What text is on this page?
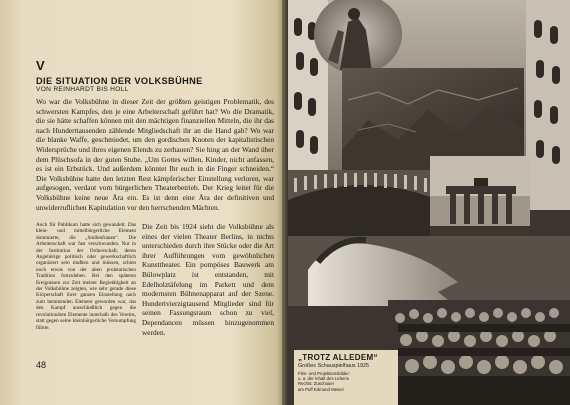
V
DIE SITUATION DER VOLKSBÜHNE
VON REINHARDT BIS HOLL
Wo war die Volksbühne in dieser Zeit der größten geistigen Problematik, des schwersten Kampfes, den je eine Arbeiterschaft geführt hat? Wo die Dramatik, die sie hätte schaffen können mit den mächtigen finanziellen Mitteln, die ihr das nach Hunderttausenden zählende Mitgliedschaft ihr an die Hand gab? Wo war die blanke Waffe, geschmiedet, um den gordischen Knoten der kapitalistischen Widersprüche und ihres eigenen Elends zu zerhauen? Sie hing an der Wand über dem Plüschsofa in der guten Stube. „Um Gottes willen, Kinder, nicht anfassen, es ist ein Erbstück. Und außerdem könntet Ihr euch in die Finger schneiden.“ Die Volksbühne hatte den letzten Rest kämpferischer Einstellung verloren, war aufgesogen, verdaut vom bürgerlichen Theaterbetrieb. Der Krieg leitet für die Volksbühne keine neue Ära ein. Es ist denn eine Ära der definitiven und unwiderruflichen Kapitulation vor den herrschenden Mächten.
Auch für Publikum hatte sich gewandelt. Das klein- und mittelbürgerliche Element dominierte, die „Stullenfrauen“. Die Arbeiterschaft war fast verschwunden. Nur in der Institution der Ordnerschaft, deren Angehörige politisch oder gewerkschaftlich organisiert sein mußten und müssen, schien noch etwas von der alten proletarischen Tradition fortzuleben. Bei den späteren Ereignissen zur Zeit meiner Regietätigkeit an der Volksbühne zeigten, wie sehr gerade diese Körperschaft ihrer ganzen Einstellung nach zum hemmenden Element geworden war, das den Kampf ausschließlich gegen die revolutionären Elemente innerhalb des Vereins, statt gegen seine kleinbürgerliche Versumpfung führte.
Die Zeit bis 1924 sieht die Volksbühne als eines der vielen Theater Berlins, in nichts unterschieden durch ihre Stücke oder die Art ihrer Aufführungen vom gewöhnlichen Kunsttheater. Ein pompöses Bauwerk am Bülowplatz ist entstanden, mit Edelholztäfelung im Parkett und dem modernsten Bühnenapparat auf der Szene. Hundertvierzigtausend Mitglieder sind für seinen Fassungsraum schon zu viel, Dependancen müssen hinzugenommen werden.
48
„TROTZ ALLEDEM“
Großes Schauspielhaus 1925
Film- und Projektionsbilder:
u. a. der Inhalt des Lebens
Rechts: Zuschauer
am Puff Edmund Meisel
